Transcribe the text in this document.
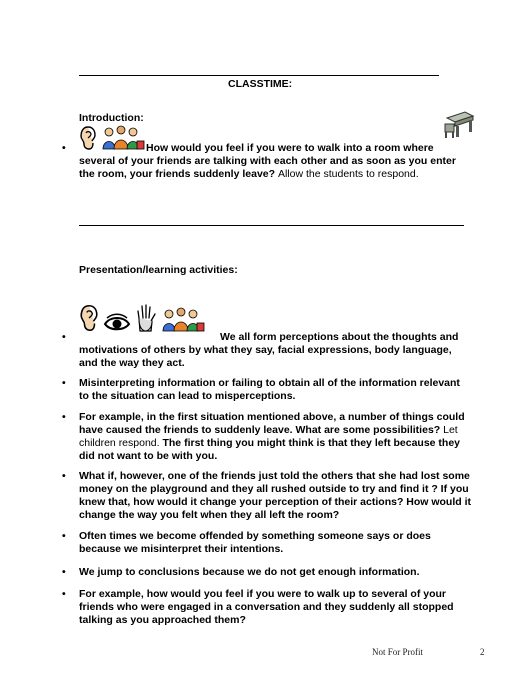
CLASSTIME:
Introduction:
•	How would you feel if you were to walk into a room where several of your friends are talking with each other and as soon as you enter the room, your friends suddenly leave? Allow the students to respond.
Presentation/learning activities:
•	We all form perceptions about the thoughts and motivations of others by what they say, facial expressions, body language, and the way they act.
• Misinterpreting information or failing to obtain all of the information relevant to the situation can lead to misperceptions.
• For example, in the first situation mentioned above, a number of things could have caused the friends to suddenly leave. What are some possibilities? Let children respond. The first thing you might think is that they left because they did not want to be with you.
• What if, however, one of the friends just told the others that she had lost some money on the playground and they all rushed outside to try and find it ? If you knew that, how would it change your perception of their actions? How would it change the way you felt when they all left the room?
• Often times we become offended by something someone says or does because we misinterpret their intentions.
• We jump to conclusions because we do not get enough information.
• For example, how would you feel if you were to walk up to several of your friends who were engaged in a conversation and they suddenly all stopped talking as you approached them?
Not For Profit	2
